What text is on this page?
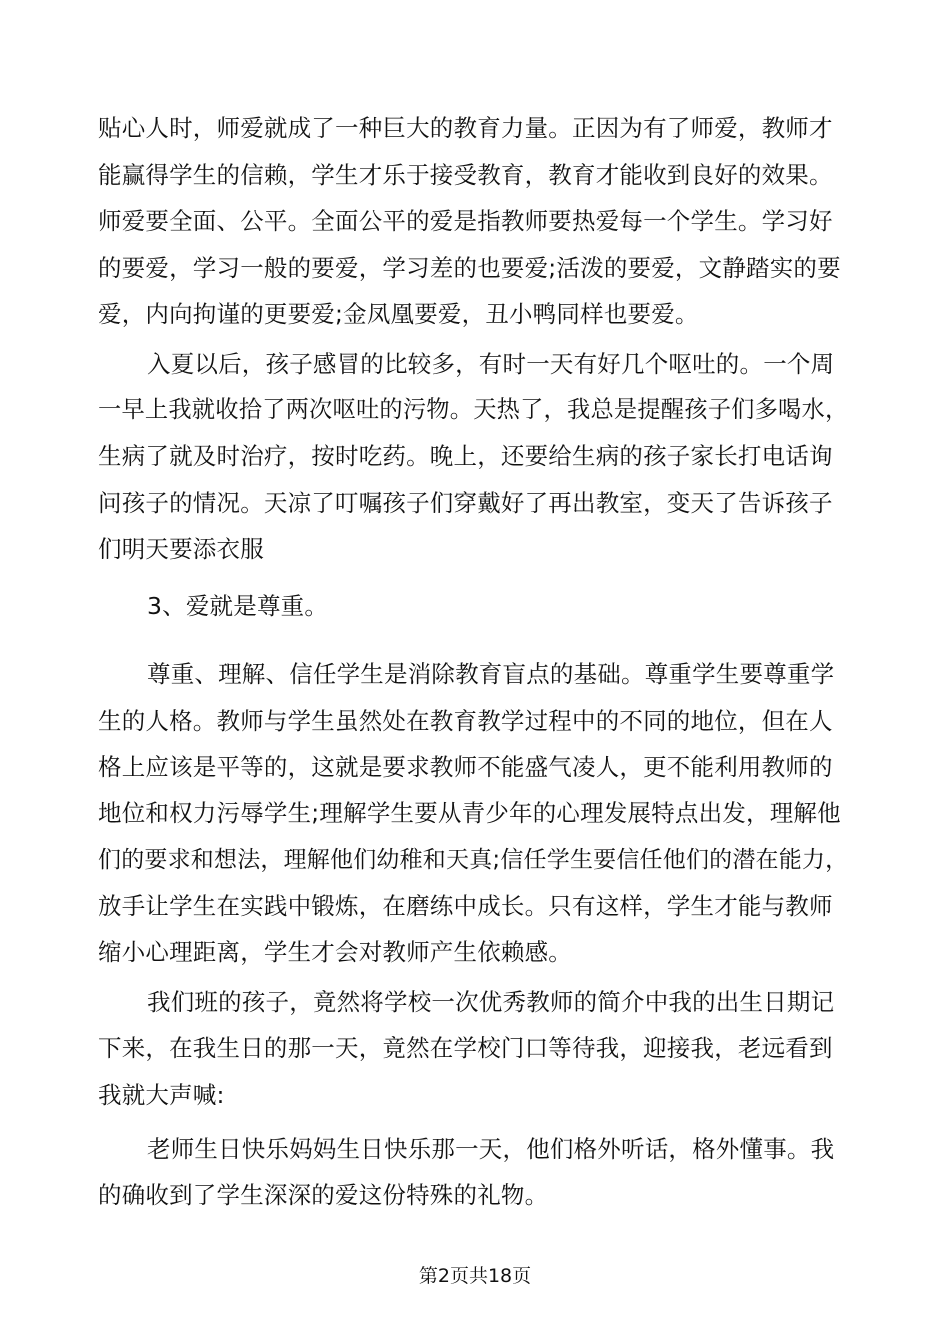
贴心人时，师爱就成了一种巨大的教育力量。正因为有了师爱，教师才
能赢得学生的信赖，学生才乐于接受教育，教育才能收到良好的效果。
师爱要全面、公平。全面公平的爱是指教师要热爱每一个学生。学习好
的要爱，学习一般的要爱，学习差的也要爱;活泼的要爱，文静踏实的要
爱，内向拘谨的更要爱;金凤凰要爱，丑小鸭同样也要爱。
入夏以后，孩子感冒的比较多，有时一天有好几个呕吐的。一个周
一早上我就收拾了两次呕吐的污物。天热了，我总是提醒孩子们多喝水，
生病了就及时治疗，按时吃药。晚上，还要给生病的孩子家长打电话询
问孩子的情况。天凉了叮嘱孩子们穿戴好了再出教室，变天了告诉孩子
们明天要添衣服
3、爱就是尊重。
尊重、理解、信任学生是消除教育盲点的基础。尊重学生要尊重学
生的人格。教师与学生虽然处在教育教学过程中的不同的地位，但在人
格上应该是平等的，这就是要求教师不能盛气凌人，更不能利用教师的
地位和权力污辱学生;理解学生要从青少年的心理发展特点出发，理解他
们的要求和想法，理解他们幼稚和天真;信任学生要信任他们的潜在能力，
放手让学生在实践中锻炼，在磨练中成长。只有这样，学生才能与教师
缩小心理距离，学生才会对教师产生依赖感。
我们班的孩子，竟然将学校一次优秀教师的简介中我的出生日期记
下来，在我生日的那一天，竟然在学校门口等待我，迎接我，老远看到
我就大声喊:
老师生日快乐妈妈生日快乐那一天，他们格外听话，格外懂事。我
的确收到了学生深深的爱这份特殊的礼物。
第2页共18页
